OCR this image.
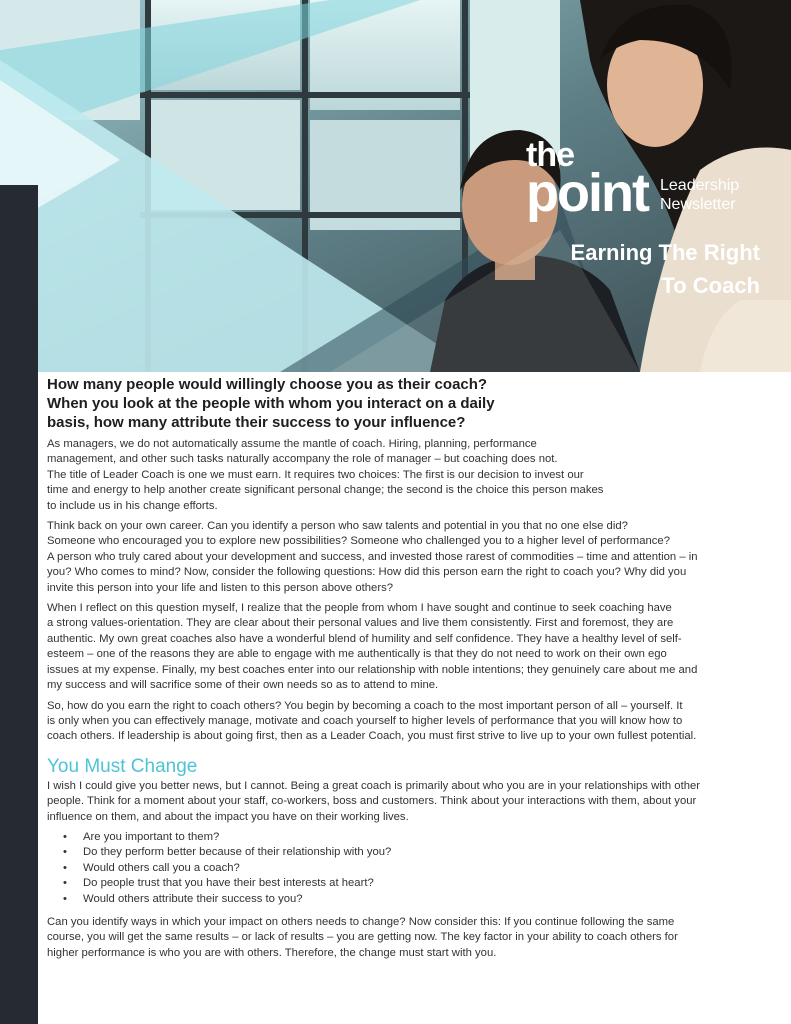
the
point Leadership
Newsletter
Earning The Right
To Coach

How many people would willingly choose you as their coach? When you look at the people with whom you interact on a daily basis, how many attribute their success to your influence?

As managers, we do not automatically assume the mantle of coach. Hiring, planning, performance
management, and other such tasks naturally accompany the role of manager – but coaching does not.
The title of Leader Coach is one we must earn. It requires two choices: The first is our decision to invest our
time and energy to help another create significant personal change; the second is the choice this person makes
to include us in his change efforts.

Think back on your own career. Can you identify a person who saw talents and potential in you that no one else did?
Someone who encouraged you to explore new possibilities? Someone who challenged you to a higher level of performance?
A person who truly cared about your development and success, and invested those rarest of commodities – time and attention – in
you? Who comes to mind? Now, consider the following questions: How did this person earn the right to coach you? Why did you
invite this person into your life and listen to this person above others?

When I reflect on this question myself, I realize that the people from whom I have sought and continue to seek coaching have
a strong values-orientation. They are clear about their personal values and live them consistently. First and foremost, they are
authentic. My own great coaches also have a wonderful blend of humility and self confidence. They have a healthy level of self-
esteem – one of the reasons they are able to engage with me authentically is that they do not need to work on their own ego
issues at my expense. Finally, my best coaches enter into our relationship with noble intentions; they genuinely care about me and
my success and will sacrifice some of their own needs so as to attend to mine.

So, how do you earn the right to coach others? You begin by becoming a coach to the most important person of all – yourself. It
is only when you can effectively manage, motivate and coach yourself to higher levels of performance that you will know how to
coach others. If leadership is about going first, then as a Leader Coach, you must first strive to live up to your own fullest potential.

You Must Change

I wish I could give you better news, but I cannot. Being a great coach is primarily about who you are in your relationships with other
people. Think for a moment about your staff, co-workers, boss and customers. Think about your interactions with them, about your
influence on them, and about the impact you have on their working lives.

• Are you important to them?
• Do they perform better because of their relationship with you?
• Would others call you a coach?
• Do people trust that you have their best interests at heart?
• Would others attribute their success to you?

Can you identify ways in which your impact on others needs to change? Now consider this: If you continue following the same
course, you will get the same results – or lack of results – you are getting now. The key factor in your ability to coach others for
higher performance is who you are with others. Therefore, the change must start with you.
